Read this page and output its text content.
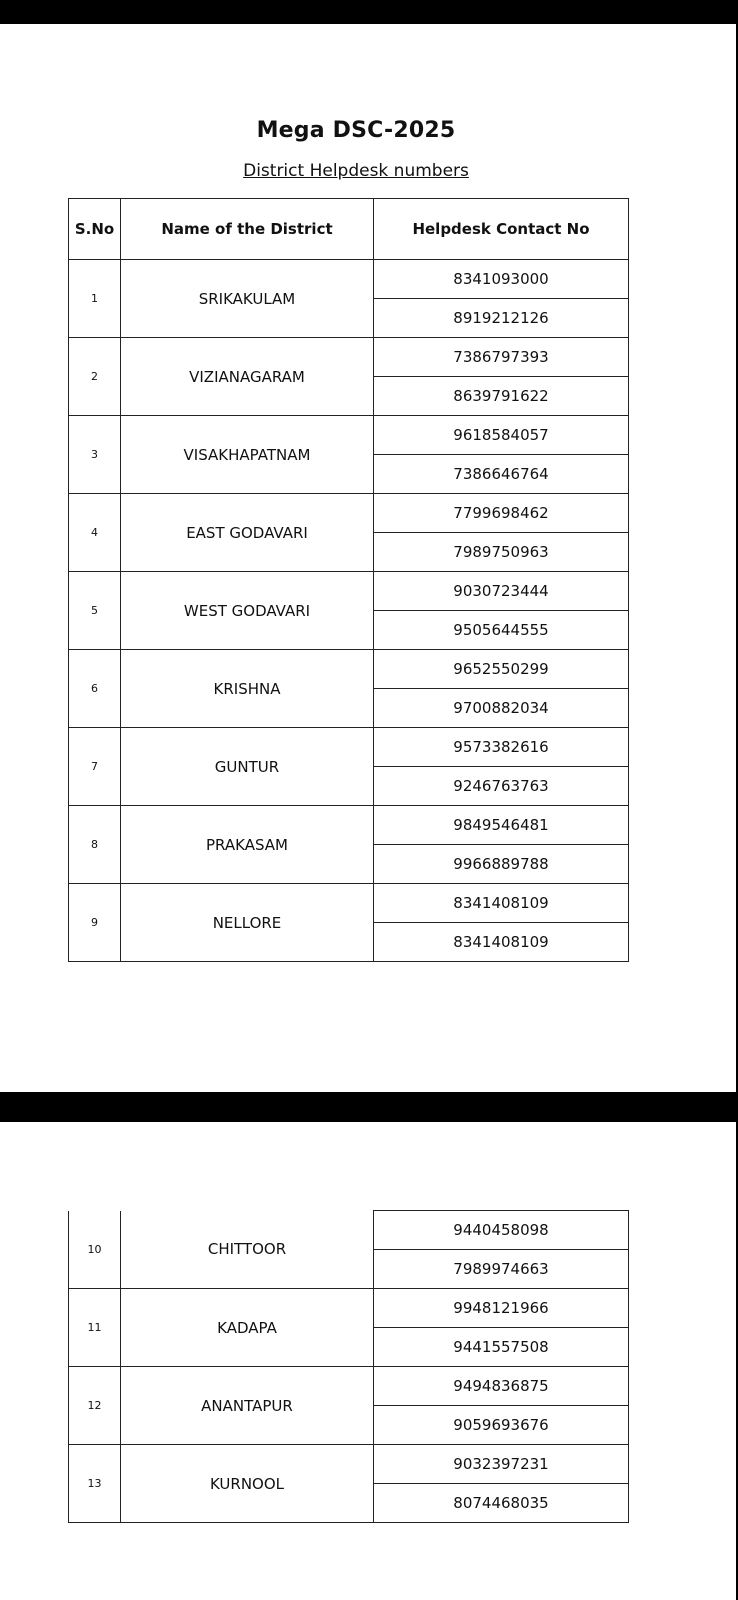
Mega DSC-2025
District Helpdesk numbers
S.No	Name of the District	Helpdesk Contact No
1	SRIKAKULAM	8341093000
		8919212126
2	VIZIANAGARAM	7386797393
		8639791622
3	VISAKHAPATNAM	9618584057
		7386646764
4	EAST GODAVARI	7799698462
		7989750963
5	WEST GODAVARI	9030723444
		9505644555
6	KRISHNA	9652550299
		9700882034
7	GUNTUR	9573382616
		9246763763
8	PRAKASAM	9849546481
		9966889788
9	NELLORE	8341408109
		8341408109
10	CHITTOOR	9440458098
		7989974663
11	KADAPA	9948121966
		9441557508
12	ANANTAPUR	9494836875
		9059693676
13	KURNOOL	9032397231
		8074468035
